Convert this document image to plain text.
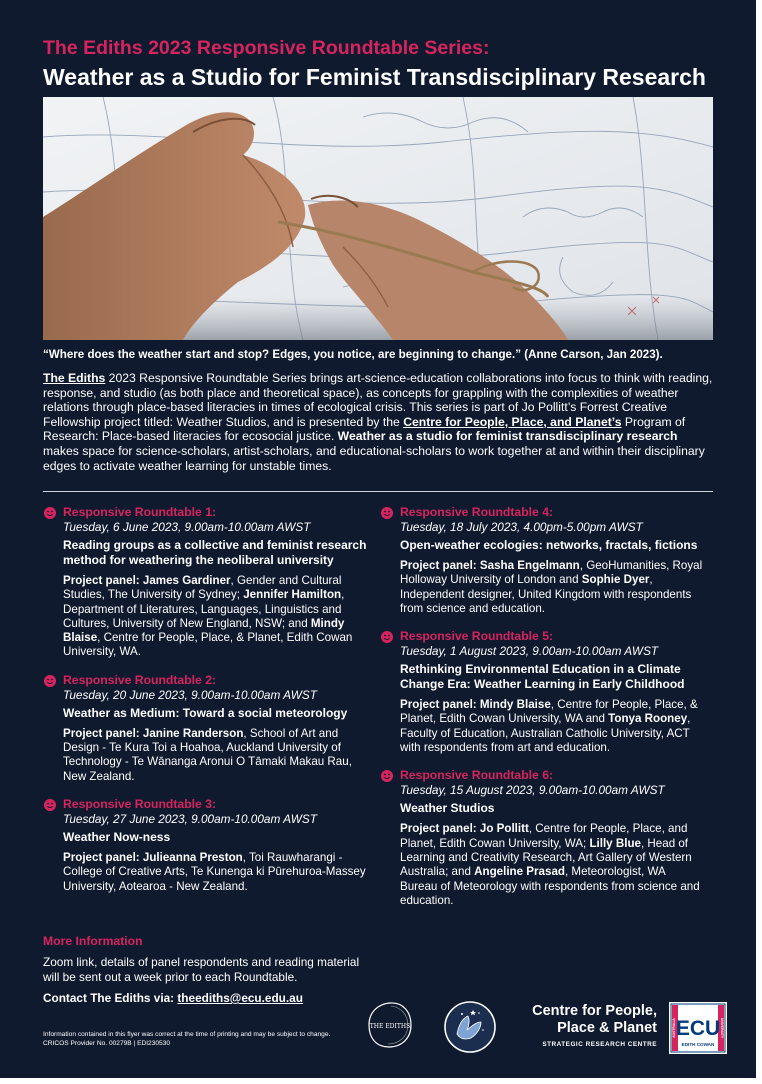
The Ediths 2023 Responsive Roundtable Series:
Weather as a Studio for Feminist Transdisciplinary Research
“Where does the weather start and stop? Edges, you notice, are beginning to change.” (Anne Carson, Jan 2023).
The Ediths 2023 Responsive Roundtable Series brings art-science-education collaborations into focus to think with reading, response, and studio (as both place and theoretical space), as concepts for grappling with the complexities of weather relations through place-based literacies in times of ecological crisis. This series is part of Jo Pollitt’s Forrest Creative Fellowship project titled: Weather Studios, and is presented by the Centre for People, Place, and Planet’s Program of Research: Place-based literacies for ecosocial justice. Weather as a studio for feminist transdisciplinary research makes space for science-scholars, artist-scholars, and educational-scholars to work together at and within their disciplinary edges to activate weather learning for unstable times.
Responsive Roundtable 1:
Tuesday, 6 June 2023, 9.00am-10.00am AWST
Reading groups as a collective and feminist research method for weathering the neoliberal university
Project panel: James Gardiner, Gender and Cultural Studies, The University of Sydney; Jennifer Hamilton, Department of Literatures, Languages, Linguistics and Cultures, University of New England, NSW; and Mindy Blaise, Centre for People, Place, & Planet, Edith Cowan University, WA.
Responsive Roundtable 2:
Tuesday, 20 June 2023, 9.00am-10.00am AWST
Weather as Medium: Toward a social meteorology
Project panel: Janine Randerson, School of Art and Design - Te Kura Toi a Hoahoa, Auckland University of Technology - Te Wānanga Aronui O Tāmaki Makau Rau, New Zealand.
Responsive Roundtable 3:
Tuesday, 27 June 2023, 9.00am-10.00am AWST
Weather Now-ness
Project panel: Julieanna Preston, Toi Rauwharangi - College of Creative Arts, Te Kunenga ki Pūrehuroa-Massey University, Aotearoa - New Zealand.
Responsive Roundtable 4:
Tuesday, 18 July 2023, 4.00pm-5.00pm AWST
Open-weather ecologies: networks, fractals, fictions
Project panel: Sasha Engelmann, GeoHumanities, Royal Holloway University of London and Sophie Dyer, Independent designer, United Kingdom with respondents from science and education.
Responsive Roundtable 5:
Tuesday, 1 August 2023, 9.00am-10.00am AWST
Rethinking Environmental Education in a Climate Change Era: Weather Learning in Early Childhood
Project panel: Mindy Blaise, Centre for People, Place, & Planet, Edith Cowan University, WA and Tonya Rooney, Faculty of Education, Australian Catholic University, ACT with respondents from art and education.
Responsive Roundtable 6:
Tuesday, 15 August 2023, 9.00am-10.00am AWST
Weather Studios
Project panel: Jo Pollitt, Centre for People, Place, and Planet, Edith Cowan University, WA; Lilly Blue, Head of Learning and Creativity Research, Art Gallery of Western Australia; and Angeline Prasad, Meteorologist, WA Bureau of Meteorology with respondents from science and education.
More Information
Zoom link, details of panel respondents and reading material will be sent out a week prior to each Roundtable.
Contact The Ediths via: theediths@ecu.edu.au
Information contained in this flyer was correct at the time of printing and may be subject to change. CRICOS Provider No. 00279B | EDI230530
THE EDITHS
Centre for People,
Place & Planet
STRATEGIC RESEARCH CENTRE
ECU
EDITH COWAN
AUSTRALIA	UNIVERSITY
